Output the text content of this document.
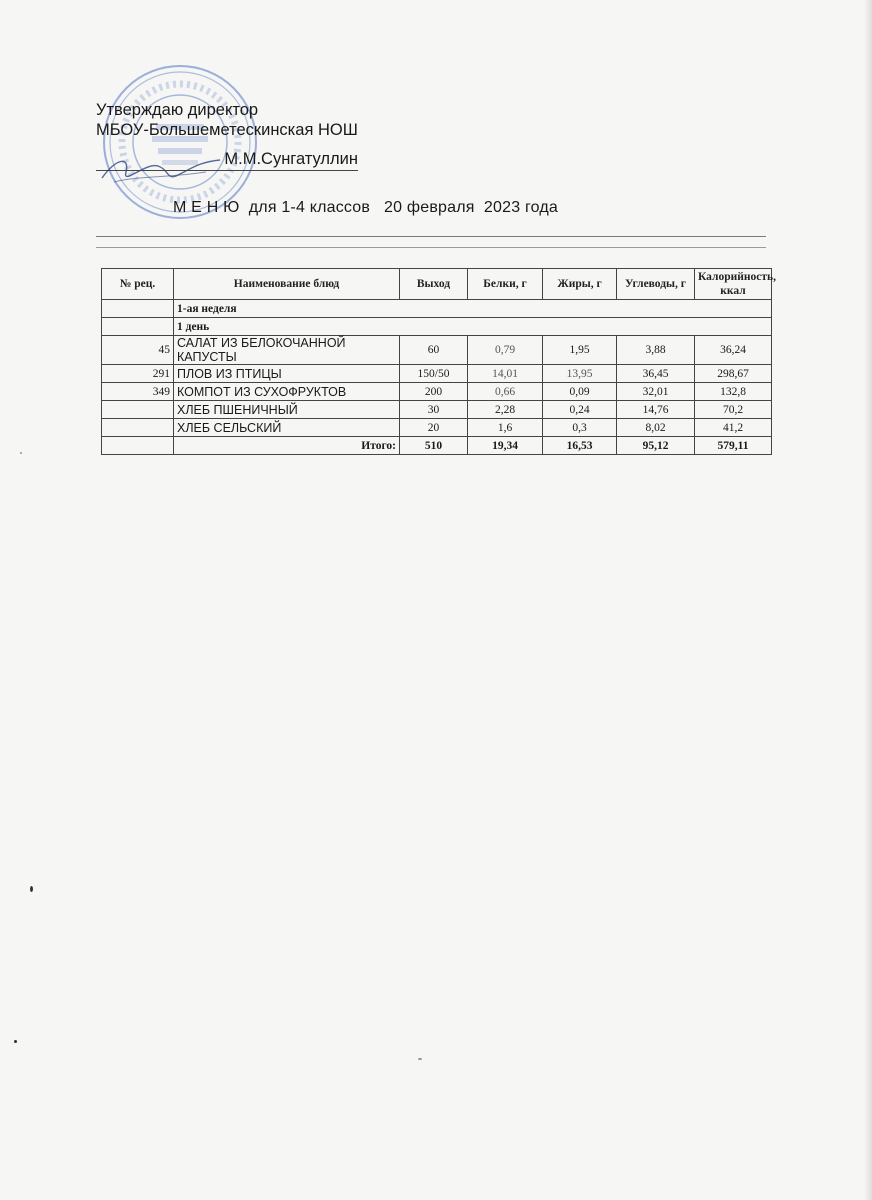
Утверждаю директор
МБОУ-Большеметескинская НОШ
М.М.Сунгатуллин
М Е Н Ю  для 1-4 классов   20 февраля  2023 года
№ рец.	Наименование блюд	Выход	Белки, г	Жиры, г	Углеводы, г	Калорийность, ккал
	1-ая неделя					
	1 день					
45	САЛАТ ИЗ БЕЛОКОЧАННОЙ КАПУСТЫ	60	0,79	1,95	3,88	36,24
291	ПЛОВ ИЗ ПТИЦЫ	150/50	14,01	13,95	36,45	298,67
349	КОМПОТ ИЗ СУХОФРУКТОВ	200	0,66	0,09	32,01	132,8
	ХЛЕБ ПШЕНИЧНЫЙ	30	2,28	0,24	14,76	70,2
	ХЛЕБ СЕЛЬСКИЙ	20	1,6	0,3	8,02	41,2
	Итого:	510	19,34	16,53	95,12	579,11
